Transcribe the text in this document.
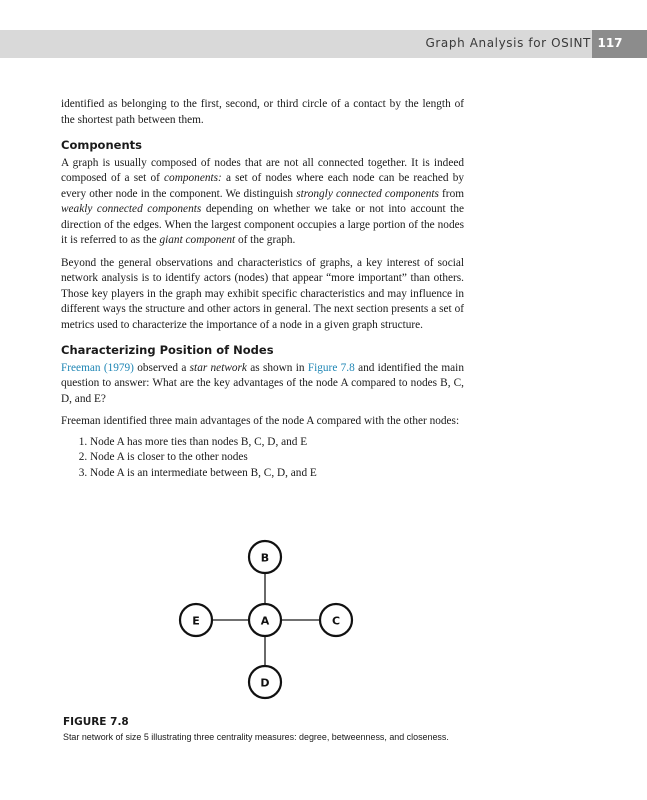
Graph Analysis for OSINT 117

identified as belonging to the first, second, or third circle of a contact by the length of the shortest path between them.

Components

A graph is usually composed of nodes that are not all connected together. It is indeed composed of a set of components: a set of nodes where each node can be reached by every other node in the component. We distinguish strongly connected components from weakly connected components depending on whether we take or not into account the direction of the edges. When the largest component occupies a large portion of the nodes it is referred to as the giant component of the graph.

Beyond the general observations and characteristics of graphs, a key interest of social network analysis is to identify actors (nodes) that appear “more important” than others. Those key players in the graph may exhibit specific characteristics and may influence in different ways the structure and other actors in general. The next section presents a set of metrics used to characterize the importance of a node in a given graph structure.

Characterizing Position of Nodes

Freeman (1979) observed a star network as shown in Figure 7.8 and identified the main question to answer: What are the key advantages of the node A compared to nodes B, C, D, and E?

Freeman identified three main advantages of the node A compared with the other nodes:

1. Node A has more ties than nodes B, C, D, and E
2. Node A is closer to the other nodes
3. Node A is an intermediate between B, C, D, and E
B
E	A	C
D
FIGURE 7.8
Star network of size 5 illustrating three centrality measures: degree, betweenness, and closeness.
